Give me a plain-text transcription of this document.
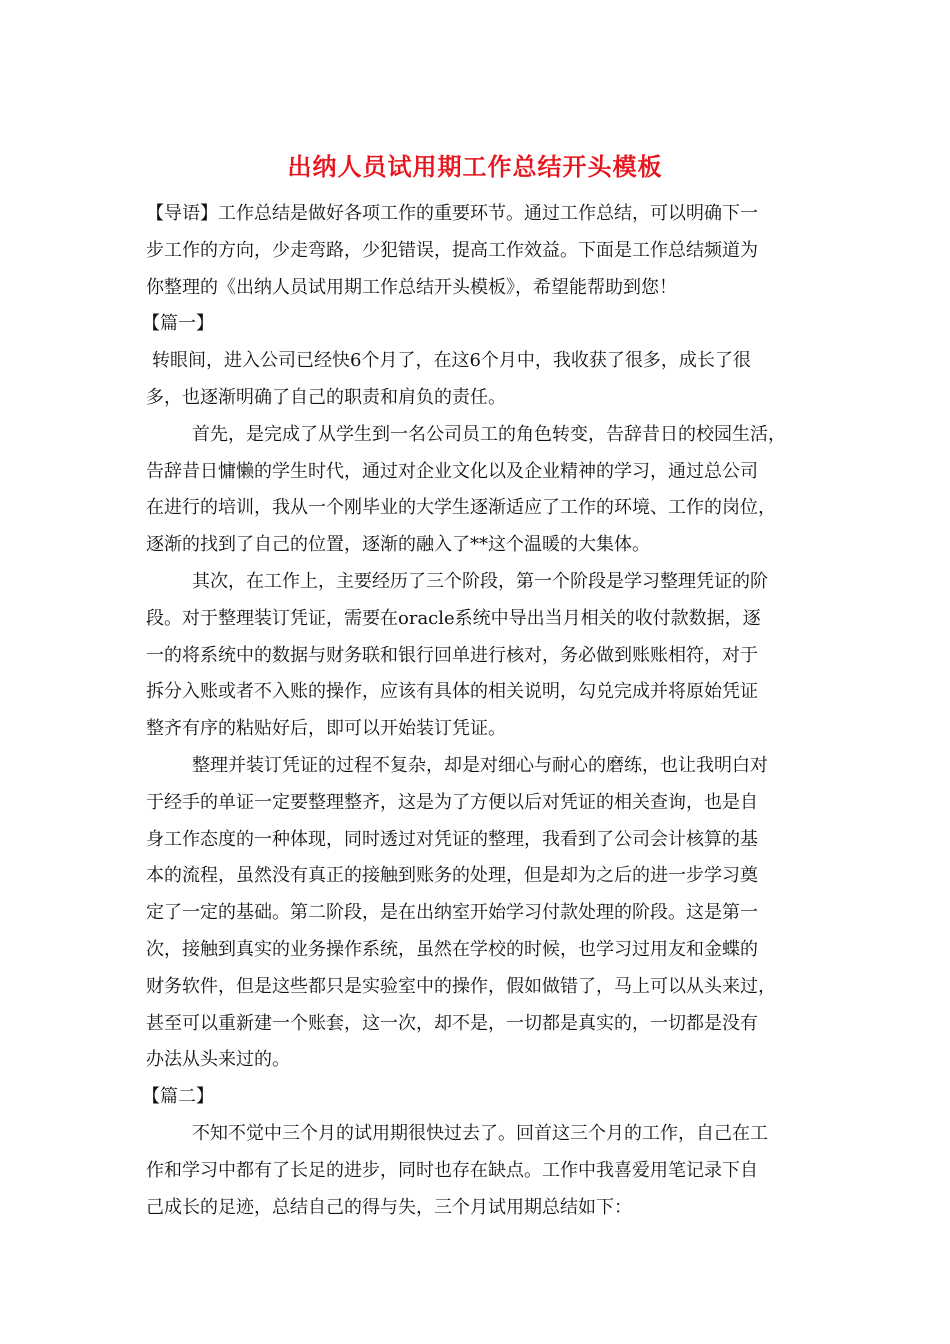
出纳人员试用期工作总结开头模板
【导语】工作总结是做好各项工作的重要环节。通过工作总结，可以明确下一
步工作的方向，少走弯路，少犯错误，提高工作效益。下面是工作总结频道为
你整理的《出纳人员试用期工作总结开头模板》，希望能帮助到您！
【篇一】
转眼间，进入公司已经快6个月了，在这6个月中，我收获了很多，成长了很
多，也逐渐明确了自己的职责和肩负的责任。
首先，是完成了从学生到一名公司员工的角色转变，告辞昔日的校园生活，
告辞昔日慵懒的学生时代，通过对企业文化以及企业精神的学习，通过总公司
在进行的培训，我从一个刚毕业的大学生逐渐适应了工作的环境、工作的岗位，
逐渐的找到了自己的位置，逐渐的融入了**这个温暖的大集体。
其次，在工作上，主要经历了三个阶段，第一个阶段是学习整理凭证的阶
段。对于整理装订凭证，需要在oracle系统中导出当月相关的收付款数据，逐
一的将系统中的数据与财务联和银行回单进行核对，务必做到账账相符，对于
拆分入账或者不入账的操作，应该有具体的相关说明，勾兑完成并将原始凭证
整齐有序的粘贴好后，即可以开始装订凭证。
整理并装订凭证的过程不复杂，却是对细心与耐心的磨练，也让我明白对
于经手的单证一定要整理整齐，这是为了方便以后对凭证的相关查询，也是自
身工作态度的一种体现，同时透过对凭证的整理，我看到了公司会计核算的基
本的流程，虽然没有真正的接触到账务的处理，但是却为之后的进一步学习奠
定了一定的基础。第二阶段，是在出纳室开始学习付款处理的阶段。这是第一
次，接触到真实的业务操作系统，虽然在学校的时候，也学习过用友和金蝶的
财务软件，但是这些都只是实验室中的操作，假如做错了，马上可以从头来过，
甚至可以重新建一个账套，这一次，却不是，一切都是真实的，一切都是没有
办法从头来过的。
【篇二】
不知不觉中三个月的试用期很快过去了。回首这三个月的工作，自己在工
作和学习中都有了长足的进步，同时也存在缺点。工作中我喜爱用笔记录下自
己成长的足迹，总结自己的得与失，三个月试用期总结如下：
